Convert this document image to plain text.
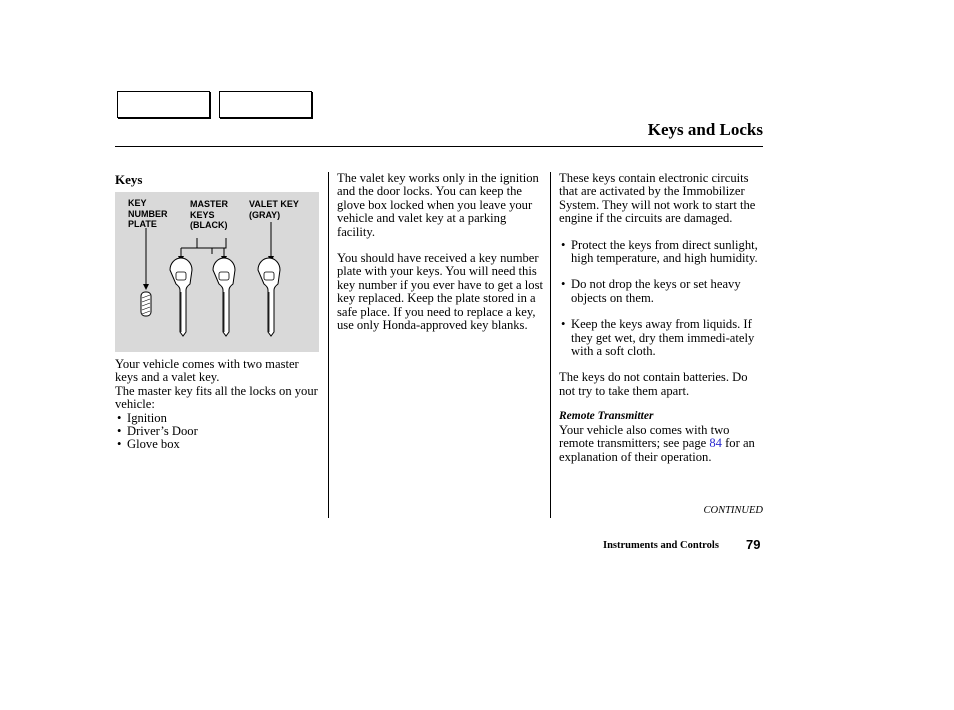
Keys and Locks
Keys
KEY
NUMBER
PLATE
MASTER
KEYS
(BLACK)
VALET KEY
(GRAY)

Your vehicle comes with two master keys and a valet key.

The master key fits all the locks on your vehicle:

• Ignition
• Driver’s Door
• Glove box

The valet key works only in the ignition and the door locks. You can keep the glove box locked when you leave your vehicle and valet key at a parking facility.

You should have received a key number plate with your keys. You will need this key number if you ever have to get a lost key replaced. Keep the plate stored in a safe place. If you need to replace a key, use only Honda-approved key blanks.

These keys contain electronic circuits that are activated by the Immobilizer System. They will not work to start the engine if the circuits are damaged.

• Protect the keys from direct sunlight, high temperature, and high humidity.
• Do not drop the keys or set heavy objects on them.
• Keep the keys away from liquids. If they get wet, dry them immedi-ately with a soft cloth.

The keys do not contain batteries. Do not try to take them apart.

Remote Transmitter

Your vehicle also comes with two remote transmitters; see page 84 for an explanation of their operation.

CONTINUED
Instruments and Controls 79
